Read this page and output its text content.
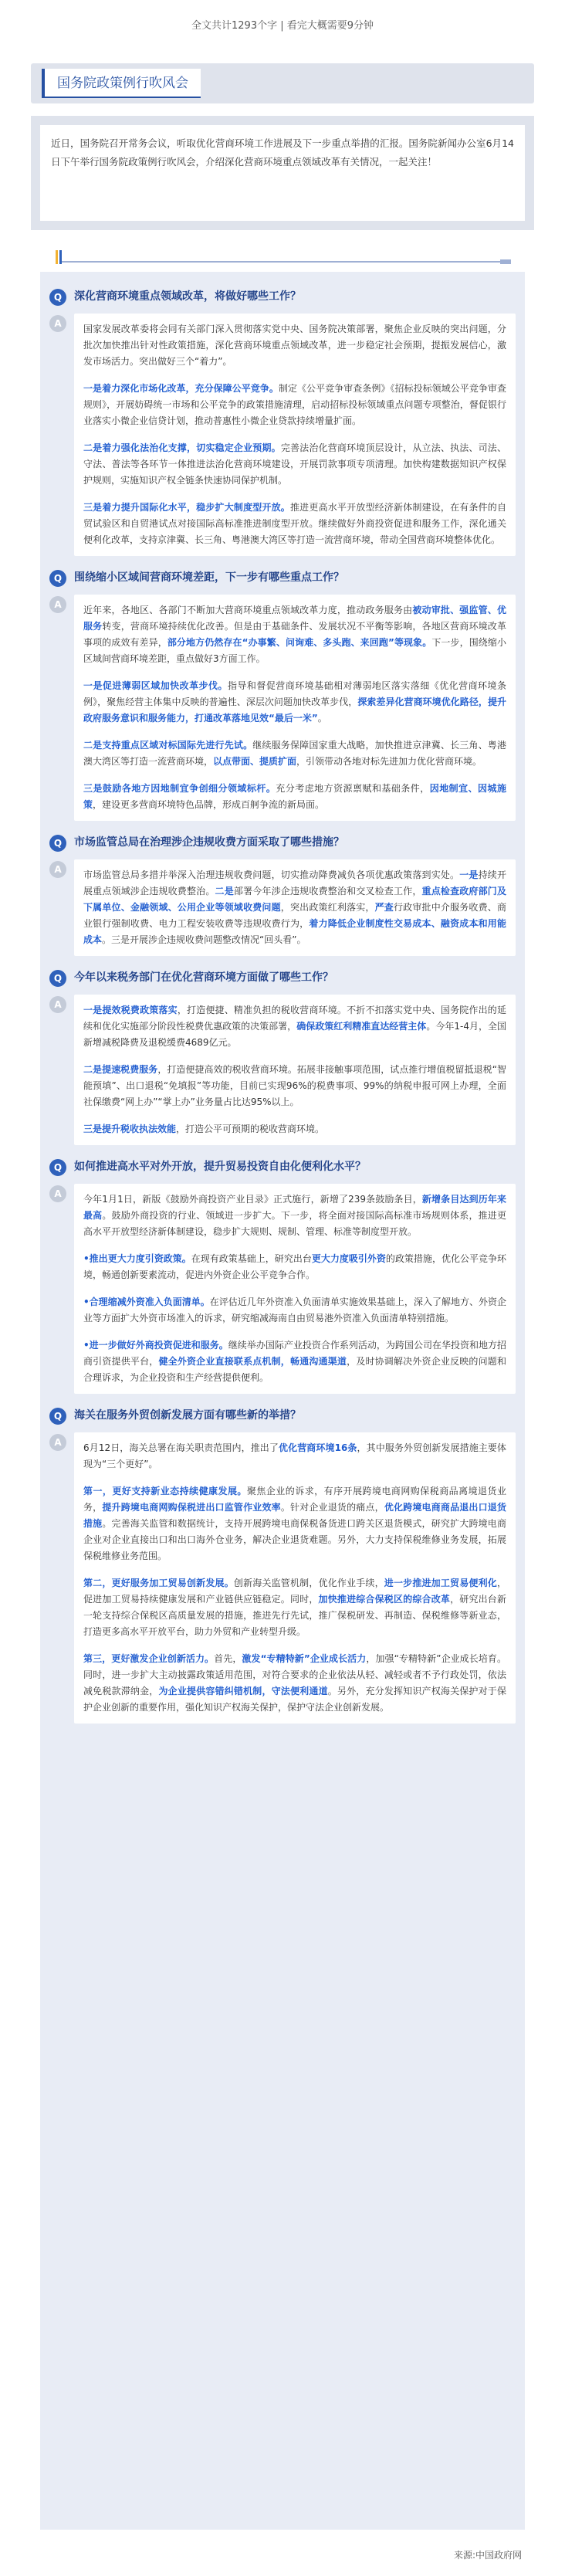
全文共计1293个字 | 看完大概需要9分钟
国务院政策例行吹风会
近日，国务院召开常务会议，听取优化营商环境工作进展及下一步重点举措的汇报。国务院新闻办公室6月14日下午举行国务院政策例行吹风会，介绍深化营商环境重点领域改革有关情况，一起关注！
Q	深化营商环境重点领域改革，将做好哪些工作？
A	国家发展改革委将会同有关部门深入贯彻落实党中央、国务院决策部署，聚焦企业反映的突出问题，分批次加快推出针对性政策措施，深化营商环境重点领域改革，进一步稳定社会预期，提振发展信心，激发市场活力。突出做好三个“着力”。

一是着力深化市场化改革，充分保障公平竞争。制定《公平竞争审查条例》《招标投标领域公平竞争审查规则》，开展妨碍统一市场和公平竞争的政策措施清理，启动招标投标领域重点问题专项整治，督促银行业落实小微企业信贷计划，推动普惠性小微企业贷款持续增量扩面。

二是着力强化法治化支撑，切实稳定企业预期。完善法治化营商环境顶层设计，从立法、执法、司法、守法、普法等各环节一体推进法治化营商环境建设，开展罚款事项专项清理。加快构建数据知识产权保护规则，实施知识产权全链条快速协同保护机制。

三是着力提升国际化水平，稳步扩大制度型开放。推进更高水平开放型经济新体制建设，在有条件的自贸试验区和自贸港试点对接国际高标准推进制度型开放。继续做好外商投资促进和服务工作，深化通关便利化改革，支持京津冀、长三角、粤港澳大湾区等打造一流营商环境，带动全国营商环境整体优化。

Q	围绕缩小区域间营商环境差距，下一步有哪些重点工作？
A	近年来，各地区、各部门不断加大营商环境重点领域改革力度，推动政务服务由被动审批、强监管、优服务转变，营商环境持续优化改善。但是由于基础条件、发展状况不平衡等影响，各地区营商环境改革事项的成效有差异，部分地方仍然存在“办事繁、问询难、多头跑、来回跑”等现象。下一步，围绕缩小区域间营商环境差距，重点做好3方面工作。

一是促进薄弱区域加快改革步伐。指导和督促营商环境基础相对薄弱地区落实落细《优化营商环境条例》，聚焦经营主体集中反映的普遍性、深层次问题加快改革步伐，探索差异化营商环境优化路径，提升政府服务意识和服务能力，打通改革落地见效“最后一米”。

二是支持重点区域对标国际先进行先试。继续服务保障国家重大战略，加快推进京津冀、长三角、粤港澳大湾区等打造一流营商环境，以点带面、提质扩面，引领带动各地对标先进加力优化营商环境。

三是鼓励各地方因地制宜争创细分领域标杆。充分考虑地方资源禀赋和基础条件，因地制宜、因城施策，建设更多营商环境特色品牌，形成百舸争流的新局面。

Q	市场监管总局在治理涉企违规收费方面采取了哪些措施？
A	市场监管总局多措并举深入治理违规收费问题，切实推动降费减负各项优惠政策落到实处。一是持续开展重点领域涉企违规收费整治。二是部署今年涉企违规收费整治和交叉检查工作，重点检查政府部门及下属单位、金融领域、公用企业等领域收费问题，突出政策红利落实，严查行政审批中介服务收费、商业银行强制收费、电力工程安装收费等违规收费行为，着力降低企业制度性交易成本、融资成本和用能成本。三是开展涉企违规收费问题整改情况“回头看”。

Q	今年以来税务部门在优化营商环境方面做了哪些工作？
A	一是提效税费政策落实，打造便捷、精准负担的税收营商环境。不折不扣落实党中央、国务院作出的延续和优化实施部分阶段性税费优惠政策的决策部署，确保政策红利精准直达经营主体。今年1-4月，全国新增减税降费及退税缓费4689亿元。

二是提速税费服务，打造便捷高效的税收营商环境。拓展非接触事项范围，试点推行增值税留抵退税“智能预填”、出口退税“免填报”等功能，目前已实现96%的税费事项、99%的纳税申报可网上办理，全面社保缴费“网上办”“掌上办”业务量占比达95%以上。

三是提升税收执法效能，打造公平可预期的税收营商环境。

Q	如何推进高水平对外开放，提升贸易投资自由化便利化水平？
A	今年1月1日，新版《鼓励外商投资产业目录》正式施行，新增了239条鼓励条目，新增条目达到历年来最高。鼓励外商投资的行业、领域进一步扩大。下一步，将全面对接国际高标准市场规则体系，推进更高水平开放型经济新体制建设，稳步扩大规则、规制、管理、标准等制度型开放。

•推出更大力度引资政策。在现有政策基础上，研究出台更大力度吸引外资的政策措施，优化公平竞争环境，畅通创新要素流动，促进内外资企业公平竞争合作。

•合理缩减外资准入负面清单。在评估近几年外资准入负面清单实施效果基础上，深入了解地方、外资企业等方面扩大外资市场准入的诉求，研究缩减海南自由贸易港外资准入负面清单特别措施。

•进一步做好外商投资促进和服务。继续举办国际产业投资合作系列活动，为跨国公司在华投资和地方招商引资提供平台，健全外资企业直接联系点机制，畅通沟通渠道，及时协调解决外资企业反映的问题和合理诉求，为企业投资和生产经营提供便利。

Q	海关在服务外贸创新发展方面有哪些新的举措？
A	6月12日，海关总署在海关职责范围内，推出了优化营商环境16条，其中服务外贸创新发展措施主要体现为“三个更好”。

第一，更好支持新业态持续健康发展。聚焦企业的诉求，有序开展跨境电商网购保税商品离境退货业务，提升跨境电商网购保税进出口监管作业效率。针对企业退货的痛点，优化跨境电商商品退出口退货措施。完善海关监管和数据统计，支持开展跨境电商保税备货进口跨关区退货模式，研究扩大跨境电商企业对企业直接出口和出口海外仓业务，解决企业退货难题。另外，大力支持保税维修业务发展，拓展保税维修业务范围。

第二，更好服务加工贸易创新发展。创新海关监管机制，优化作业手续，进一步推进加工贸易便利化，促进加工贸易持续健康发展和产业链供应链稳定。同时，加快推进综合保税区的综合改革，研究出台新一轮支持综合保税区高质量发展的措施，推进先行先试，推广保税研发、再制造、保税维修等新业态，打造更多高水平开放平台，助力外贸和产业转型升级。

第三，更好激发企业创新活力。首先，激发“专精特新”企业成长活力，加强“专精特新”企业成长培育。同时，进一步扩大主动披露政策适用范围，对符合要求的企业依法从轻、减轻或者不予行政处罚，依法减免税款滞纳金，为企业提供容错纠错机制，守法便利通道。另外，充分发挥知识产权海关保护对于保护企业创新的重要作用，强化知识产权海关保护，保护守法企业创新发展。

来源:中国政府网
